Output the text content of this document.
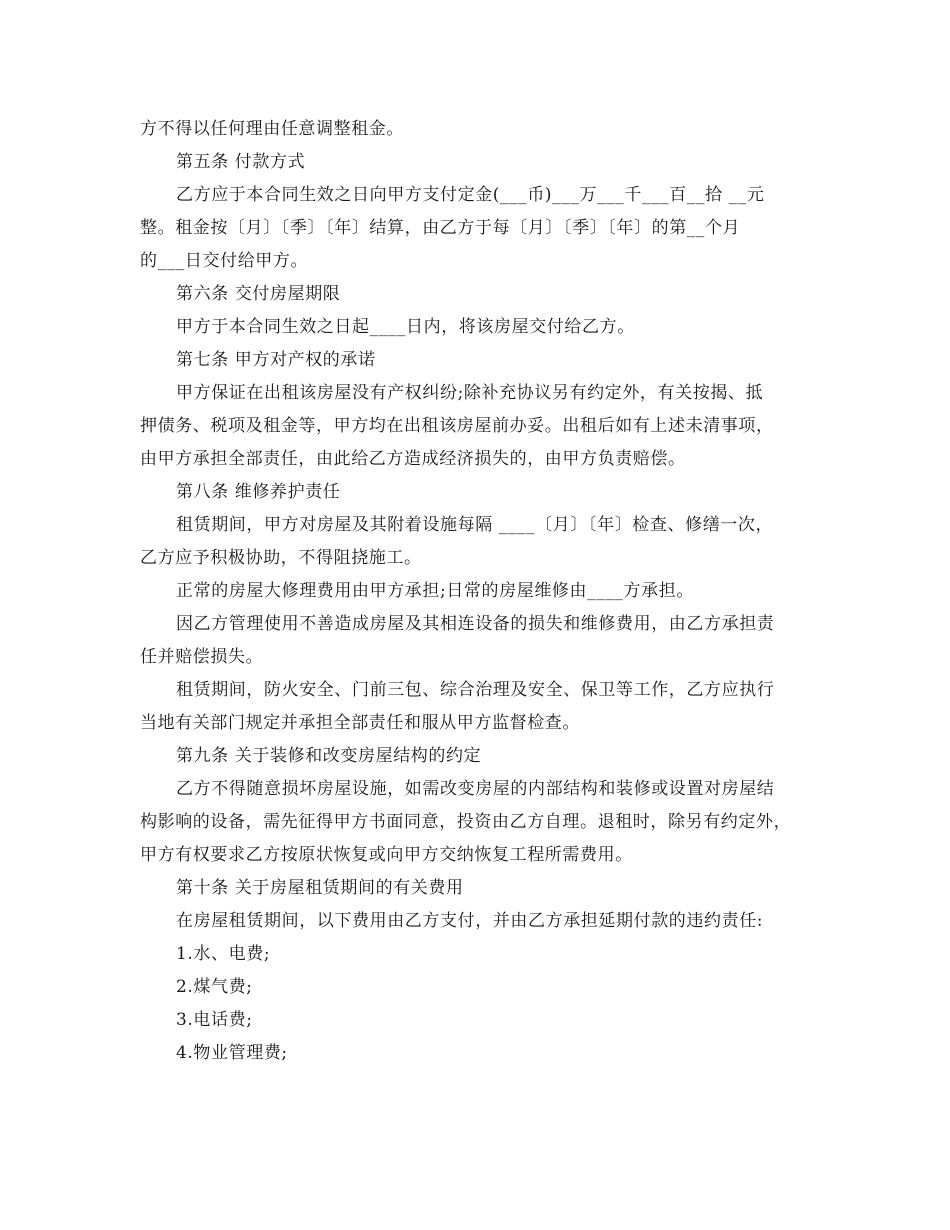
方不得以任何理由任意调整租金。
第五条 付款方式
乙方应于本合同生效之日向甲方支付定金(___币)___万___千___百__拾 __元
整。租金按〔月〕〔季〕〔年〕结算，由乙方于每〔月〕〔季〕〔年〕的第__个月
的___日交付给甲方。
第六条 交付房屋期限
甲方于本合同生效之日起____日内，将该房屋交付给乙方。
第七条 甲方对产权的承诺
甲方保证在出租该房屋没有产权纠纷;除补充协议另有约定外，有关按揭、抵
押债务、税项及租金等，甲方均在出租该房屋前办妥。出租后如有上述未清事项，
由甲方承担全部责任，由此给乙方造成经济损失的，由甲方负责赔偿。
第八条 维修养护责任
租赁期间，甲方对房屋及其附着设施每隔 ____〔月〕〔年〕检查、修缮一次，
乙方应予积极协助，不得阻挠施工。
正常的房屋大修理费用由甲方承担;日常的房屋维修由____方承担。
因乙方管理使用不善造成房屋及其相连设备的损失和维修费用，由乙方承担责
任并赔偿损失。
租赁期间，防火安全、门前三包、综合治理及安全、保卫等工作，乙方应执行
当地有关部门规定并承担全部责任和服从甲方监督检查。
第九条 关于装修和改变房屋结构的约定
乙方不得随意损坏房屋设施，如需改变房屋的内部结构和装修或设置对房屋结
构影响的设备，需先征得甲方书面同意，投资由乙方自理。退租时，除另有约定外，
甲方有权要求乙方按原状恢复或向甲方交纳恢复工程所需费用。
第十条 关于房屋租赁期间的有关费用
在房屋租赁期间，以下费用由乙方支付，并由乙方承担延期付款的违约责任:
1.水、电费;
2.煤气费;
3.电话费;
4.物业管理费;
